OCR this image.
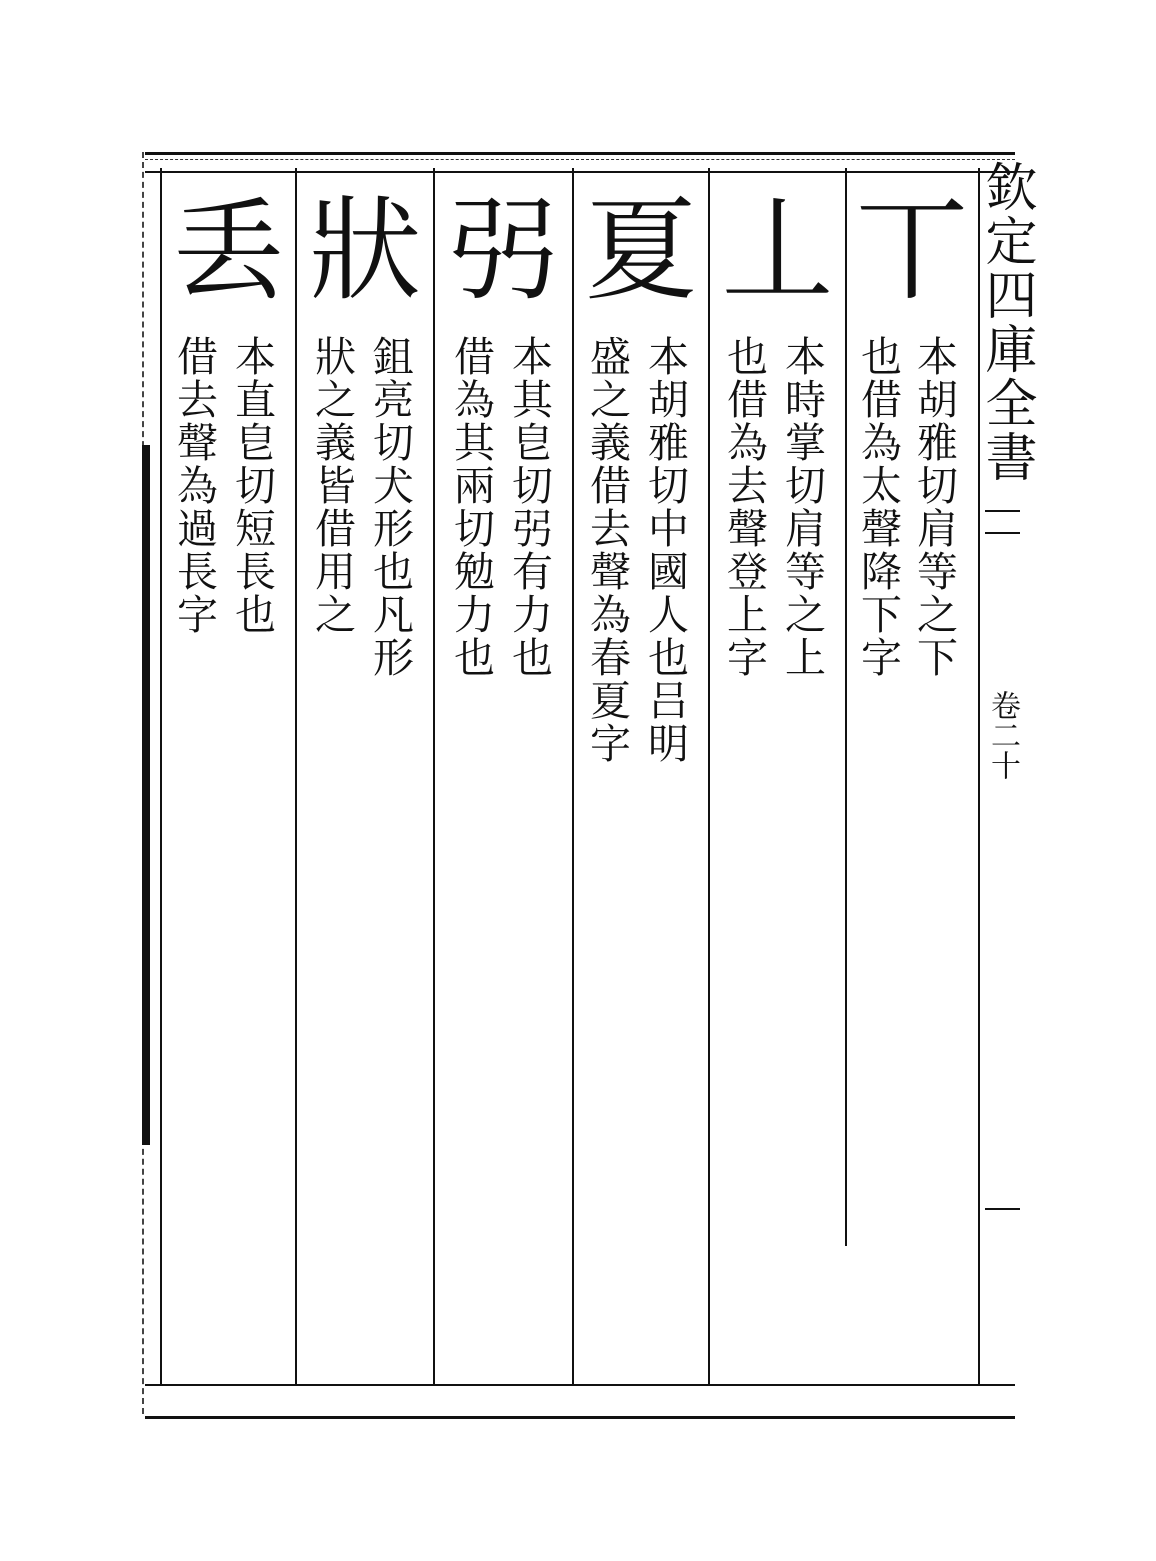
欽定四庫全書
卷二十
丅
本胡雅切肩等之下
也借為太聲降下字
丄
本時掌切肩等之上
也借為去聲登上字
夏
本胡雅切中國人也吕明
盛之義借去聲為春夏字
弜
本其皀切弜有力也
借為其兩切勉力也
狀
鉏亮切犬形也凡形
狀之義皆借用之
丢
本直皀切短長也
借去聲為過長字
